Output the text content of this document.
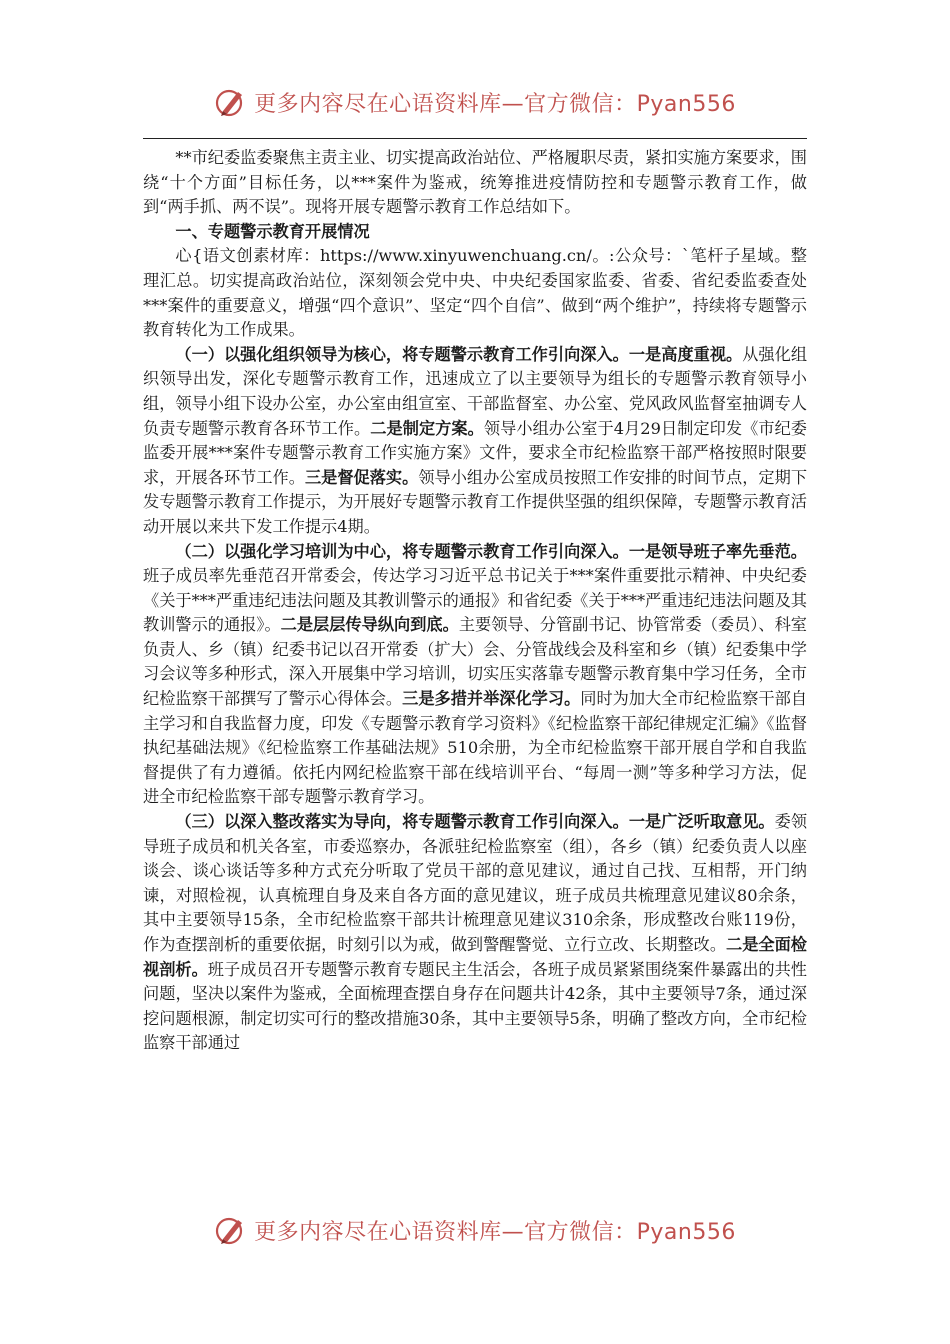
更多内容尽在心语资料库—官方微信：Pyan556

**市纪委监委聚焦主责主业、切实提高政治站位、严格履职尽责，紧扣实施方案要求，围绕“十个方面”目标任务，以***案件为鉴戒，统筹推进疫情防控和专题警示教育工作，做到“两手抓、两不误”。现将开展专题警示教育工作总结如下。

一、专题警示教育开展情况

心{语文创素材库：https://www.xinyuwenchuang.cn/。:公众号：`笔杆子星域。整理汇总。切实提高政治站位，深刻领会党中央、中央纪委国家监委、省委、省纪委监委查处***案件的重要意义，增强“四个意识”、坚定“四个自信”、做到“两个维护”，持续将专题警示教育转化为工作成果。

（一）以强化组织领导为核心，将专题警示教育工作引向深入。一是高度重视。从强化组织领导出发，深化专题警示教育工作，迅速成立了以主要领导为组长的专题警示教育领导小组，领导小组下设办公室，办公室由组宣室、干部监督室、办公室、党风政风监督室抽调专人负责专题警示教育各环节工作。二是制定方案。领导小组办公室于4月29日制定印发《市纪委监委开展***案件专题警示教育工作实施方案》文件，要求全市纪检监察干部严格按照时限要求，开展各环节工作。三是督促落实。领导小组办公室成员按照工作安排的时间节点，定期下发专题警示教育工作提示，为开展好专题警示教育工作提供坚强的组织保障，专题警示教育活动开展以来共下发工作提示4期。

（二）以强化学习培训为中心，将专题警示教育工作引向深入。一是领导班子率先垂范。班子成员率先垂范召开常委会，传达学习习近平总书记关于***案件重要批示精神、中央纪委《关于***严重违纪违法问题及其教训警示的通报》和省纪委《关于***严重违纪违法问题及其教训警示的通报》。二是层层传导纵向到底。主要领导、分管副书记、协管常委（委员）、科室负责人、乡（镇）纪委书记以召开常委（扩大）会、分管战线会及科室和乡（镇）纪委集中学习会议等多种形式，深入开展集中学习培训，切实压实落靠专题警示教育集中学习任务，全市纪检监察干部撰写了警示心得体会。三是多措并举深化学习。同时为加大全市纪检监察干部自主学习和自我监督力度，印发《专题警示教育学习资料》《纪检监察干部纪律规定汇编》《监督执纪基础法规》《纪检监察工作基础法规》510余册，为全市纪检监察干部开展自学和自我监督提供了有力遵循。依托内网纪检监察干部在线培训平台、“每周一测”等多种学习方法，促进全市纪检监察干部专题警示教育学习。

（三）以深入整改落实为导向，将专题警示教育工作引向深入。一是广泛听取意见。委领导班子成员和机关各室，市委巡察办，各派驻纪检监察室（组），各乡（镇）纪委负责人以座谈会、谈心谈话等多种方式充分听取了党员干部的意见建议，通过自己找、互相帮，开门纳谏，对照检视，认真梳理自身及来自各方面的意见建议，班子成员共梳理意见建议80余条，其中主要领导15条，全市纪检监察干部共计梳理意见建议310余条，形成整改台账119份，作为查摆剖析的重要依据，时刻引以为戒，做到警醒警觉、立行立改、长期整改。二是全面检视剖析。班子成员召开专题警示教育专题民主生活会，各班子成员紧紧围绕案件暴露出的共性问题，坚决以案件为鉴戒，全面梳理查摆自身存在问题共计42条，其中主要领导7条，通过深挖问题根源，制定切实可行的整改措施30条，其中主要领导5条，明确了整改方向，全市纪检监察干部通过

更多内容尽在心语资料库—官方微信：Pyan556
